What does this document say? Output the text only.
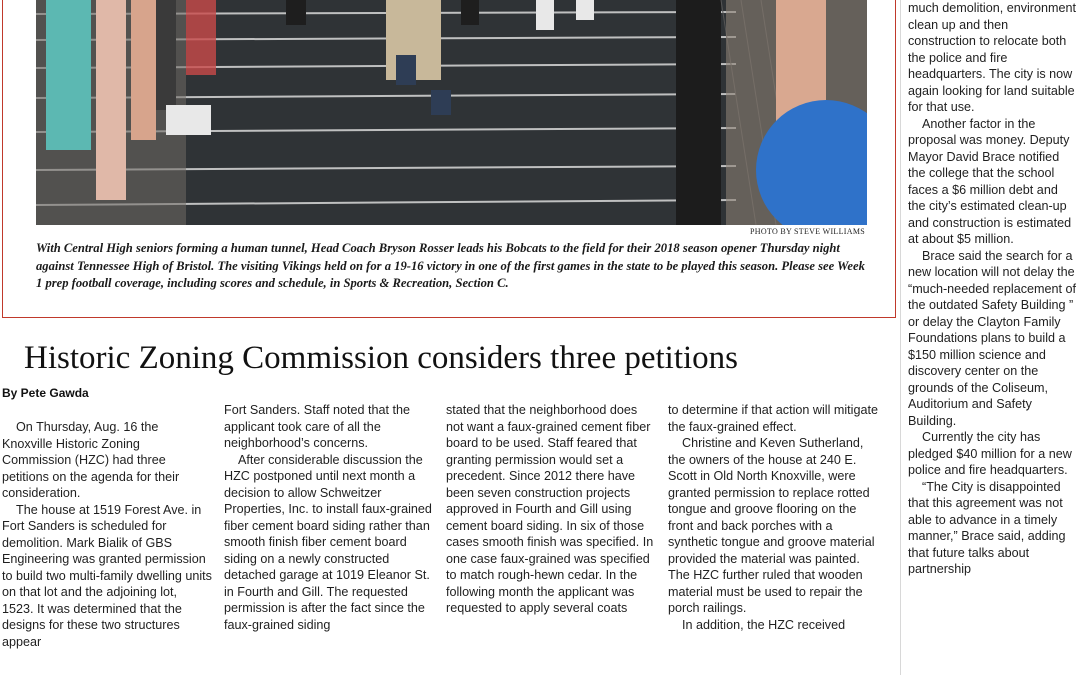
PHOTO BY STEVE WILLIAMS
With Central High seniors forming a human tunnel, Head Coach Bryson Rosser leads his Bobcats to the field for their 2018 season opener Thursday night against Tennessee High of Bristol. The visiting Vikings held on for a 19-16 victory in one of the first games in the state to be played this season. Please see Week 1 prep football coverage, including scores and schedule, in Sports & Recreation, Section C.
Historic Zoning Commission considers three petitions
By Pete Gawda

On Thursday, Aug. 16 the Knoxville Historic Zoning Commission (HZC) had three petitions on the agenda for their consideration.

The house at 1519 Forest Ave. in Fort Sanders is scheduled for demolition. Mark Bialik of GBS Engineering was granted permission to build two multi-family dwelling units on that lot and the adjoining lot, 1523. It was determined that the designs for these two structures appear

Fort Sanders. Staff noted that the applicant took care of all the neighborhood’s concerns.

After considerable discussion the HZC postponed until next month a decision to allow Schweitzer Properties, Inc. to install faux-grained fiber cement board siding rather than smooth finish fiber cement board siding on a newly constructed detached garage at 1019 Eleanor St. in Fourth and Gill. The requested permission is after the fact since the faux-grained siding

stated that the neighborhood does not want a faux-grained cement fiber board to be used. Staff feared that granting permission would set a precedent. Since 2012 there have been seven construction projects approved in Fourth and Gill using cement board siding. In six of those cases smooth finish was specified. In one case faux-grained was specified to match rough-hewn cedar. In the following month the applicant was requested to apply several coats

to determine if that action will mitigate the faux-grained effect.

Christine and Keven Sutherland, the owners of the house at 240 E. Scott in Old North Knoxville, were granted permission to replace rotted tongue and groove flooring on the front and back porches with a synthetic tongue and groove material provided the material was painted. The HZC further ruled that wooden material must be used to repair the porch railings.

In addition, the HZC received

much demolition, environment clean up and then construction to relocate both the police and fire headquarters. The city is now again looking for land suitable for that use.

Another factor in the proposal was money. Deputy Mayor David Brace notified the college that the school faces a $6 million debt and the city’s estimated clean-up and construction is estimated at about $5 million.

Brace said the search for a new location will not delay the “much-needed replacement of the outdated Safety Building ” or delay the Clayton Family Foundations plans to build a $150 million science and discovery center on the grounds of the Coliseum, Auditorium and Safety Building.

Currently the city has pledged $40 million for a new police and fire headquarters.

“The City is disappointed that this agreement was not able to advance in a timely manner,” Brace said, adding that future talks about partnership
